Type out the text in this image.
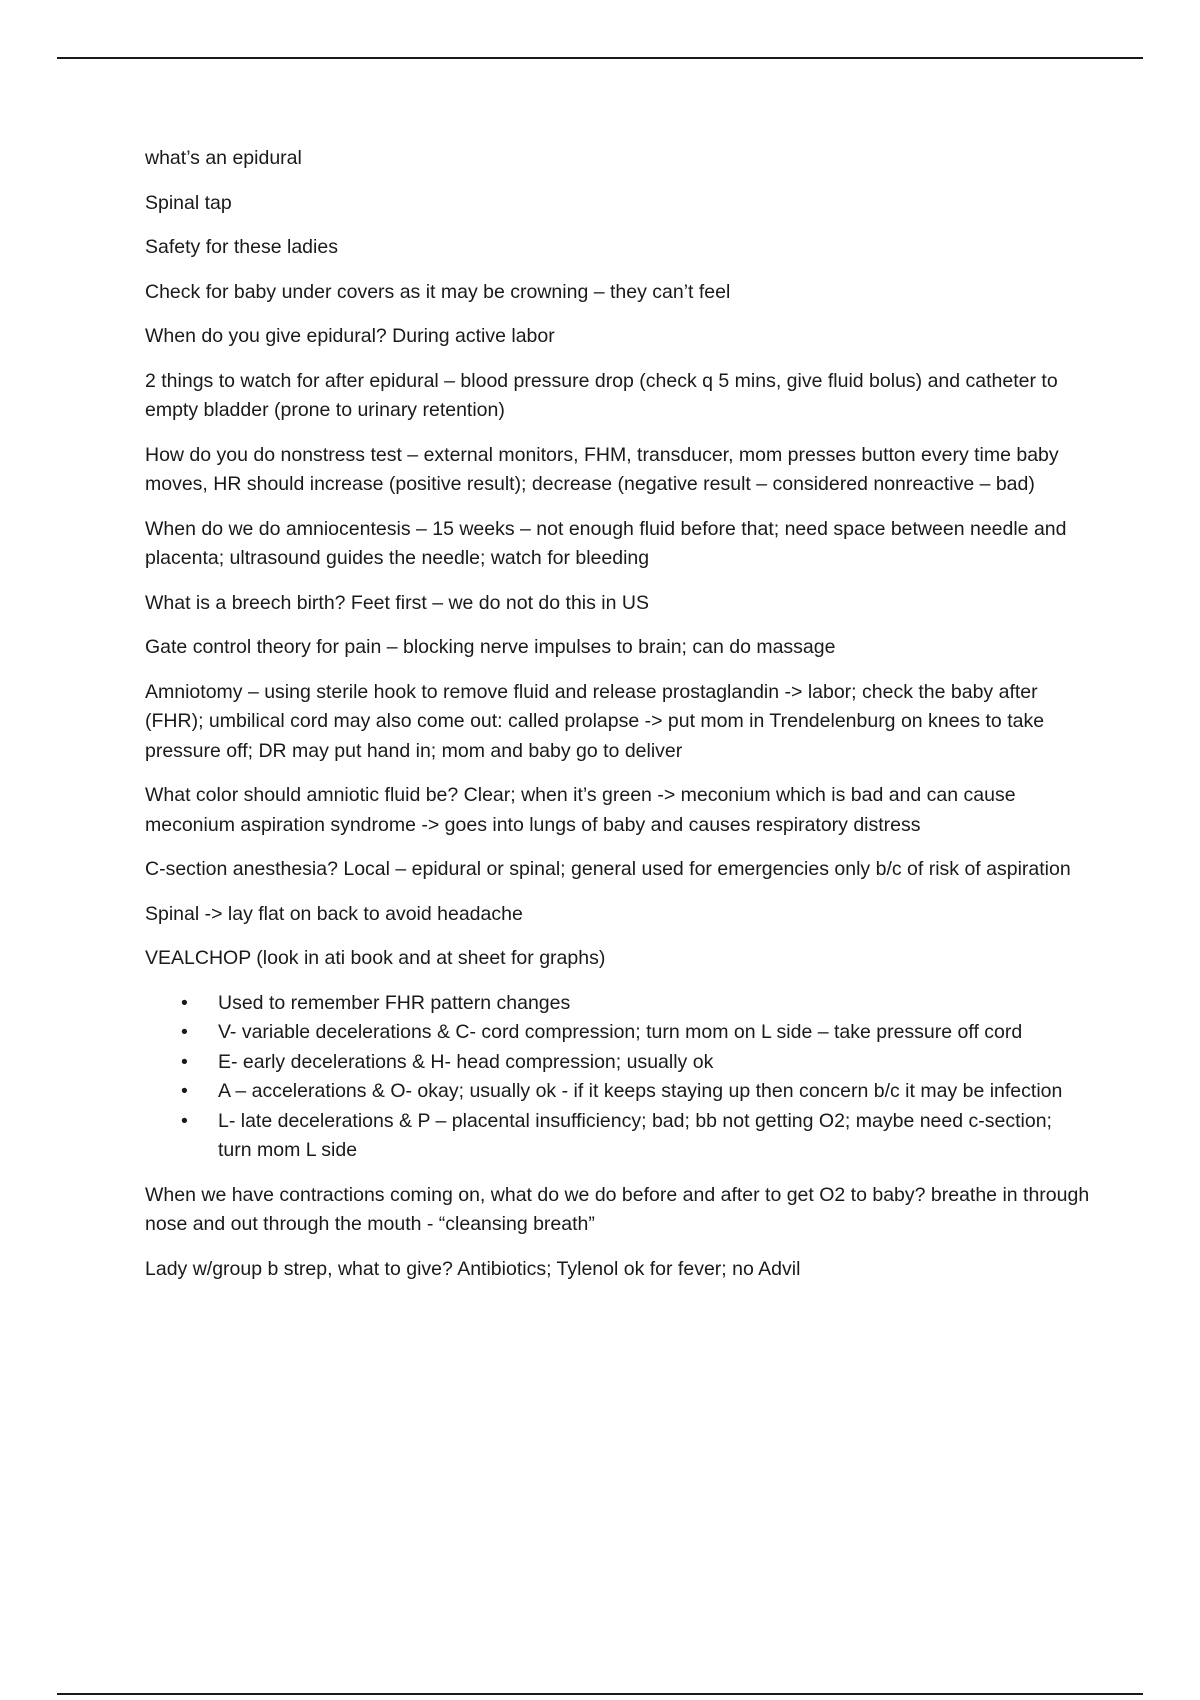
what’s an epidural

Spinal tap

Safety for these ladies

Check for baby under covers as it may be crowning – they can’t feel

When do you give epidural? During active labor

2 things to watch for after epidural – blood pressure drop (check q 5 mins, give fluid bolus) and catheter to empty bladder (prone to urinary retention)

How do you do nonstress test – external monitors, FHM, transducer, mom presses button every time baby moves, HR should increase (positive result); decrease (negative result – considered nonreactive – bad)

When do we do amniocentesis – 15 weeks – not enough fluid before that; need space between needle and placenta; ultrasound guides the needle; watch for bleeding

What is a breech birth? Feet first – we do not do this in US

Gate control theory for pain – blocking nerve impulses to brain; can do massage

Amniotomy – using sterile hook to remove fluid and release prostaglandin -> labor; check the baby after (FHR); umbilical cord may also come out: called prolapse -> put mom in Trendelenburg on knees to take pressure off; DR may put hand in; mom and baby go to deliver

What color should amniotic fluid be? Clear; when it’s green -> meconium which is bad and can cause meconium aspiration syndrome -> goes into lungs of baby and causes respiratory distress

C-section anesthesia? Local – epidural or spinal; general used for emergencies only b/c of risk of aspiration

Spinal -> lay flat on back to avoid headache

VEALCHOP (look in ati book and at sheet for graphs)

• Used to remember FHR pattern changes
• V- variable decelerations & C- cord compression; turn mom on L side – take pressure off cord
• E- early decelerations & H- head compression; usually ok
• A – accelerations & O- okay; usually ok - if it keeps staying up then concern b/c it may be infection
• L- late decelerations & P – placental insufficiency; bad; bb not getting O2; maybe need c-section; turn mom L side

When we have contractions coming on, what do we do before and after to get O2 to baby? breathe in through nose and out through the mouth - “cleansing breath”

Lady w/group b strep, what to give? Antibiotics; Tylenol ok for fever; no Advil
